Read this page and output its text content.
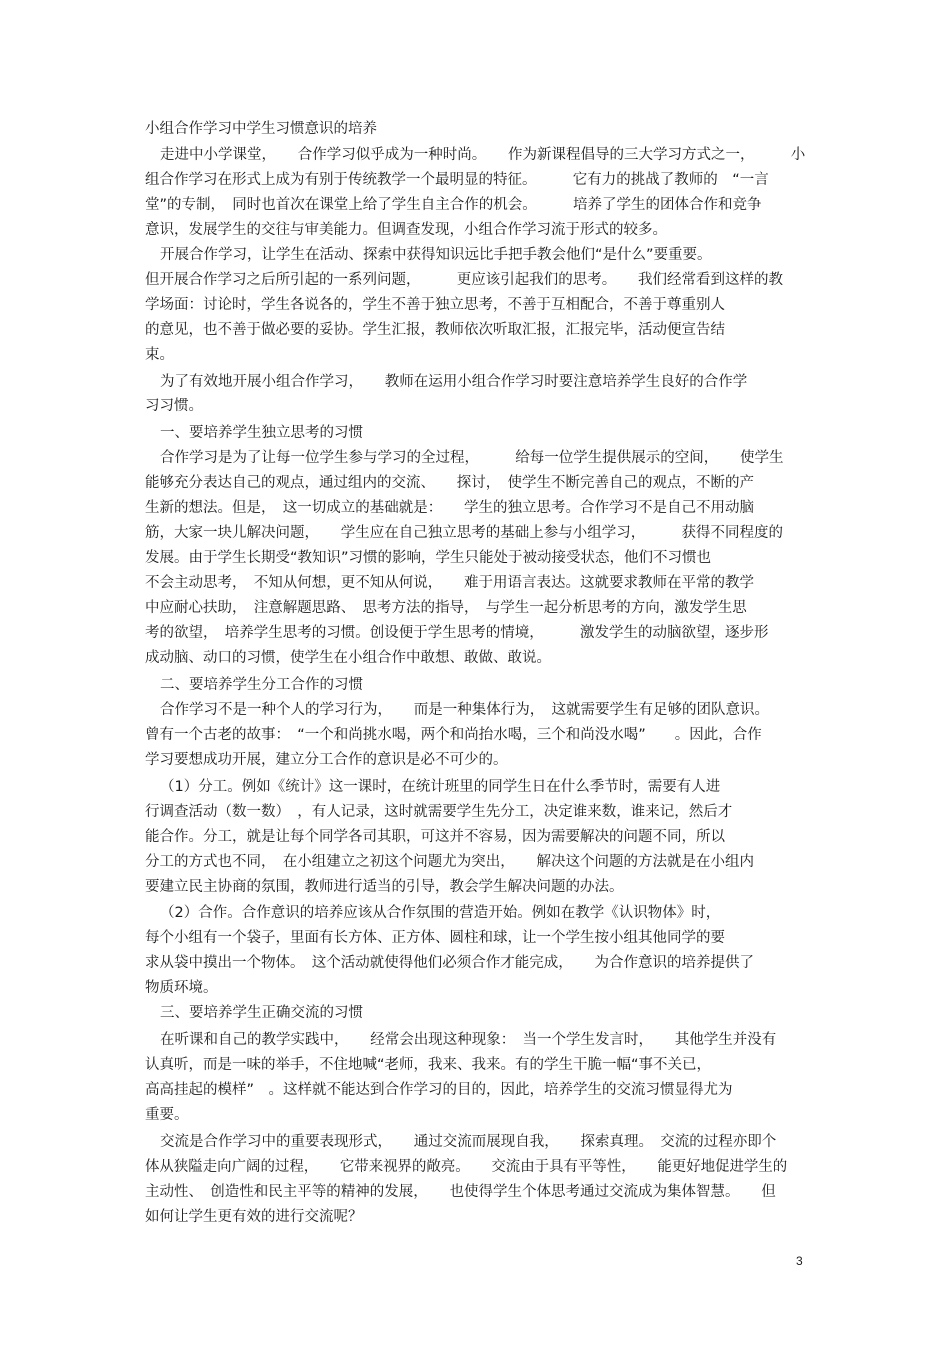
小组合作学习中学生习惯意识的培养
走进中小学课堂，　　合作学习似乎成为一种时尚。　　作为新课程倡导的三大学习方式之一，　　　小
组合作学习在形式上成为有别于传统教学一个最明显的特征。　　　它有力的挑战了教师的　“一言
堂”的专制，　同时也首次在课堂上给了学生自主合作的机会。　　　培养了学生的团体合作和竞争
意识，发展学生的交往与审美能力。但调查发现，小组合作学习流于形式的较多。
开展合作学习，让学生在活动、探索中获得知识远比手把手教会他们“是什么”要重要。
但开展合作学习之后所引起的一系列问题，　　　更应该引起我们的思考。　　我们经常看到这样的教
学场面：讨论时，学生各说各的，学生不善于独立思考，不善于互相配合，不善于尊重别人
的意见，也不善于做必要的妥协。学生汇报，教师依次听取汇报，汇报完毕，活动便宣告结
束。
为了有效地开展小组合作学习，　　教师在运用小组合作学习时要注意培养学生良好的合作学
习习惯。
一、要培养学生独立思考的习惯
合作学习是为了让每一位学生参与学习的全过程，　　　给每一位学生提供展示的空间，　　使学生
能够充分表达自己的观点，通过组内的交流、　　探讨，　使学生不断完善自己的观点，不断的产
生新的想法。但是，　这一切成立的基础就是：　　学生的独立思考。合作学习不是自己不用动脑
筋，大家一块儿解决问题，　　学生应在自己独立思考的基础上参与小组学习，　　　获得不同程度的
发展。由于学生长期受“教知识”习惯的影响，学生只能处于被动接受状态，他们不习惯也
不会主动思考，　不知从何想，更不知从何说，　　难于用语言表达。这就要求教师在平常的教学
中应耐心扶助，　注意解题思路、　思考方法的指导，　与学生一起分析思考的方向，激发学生思
考的欲望，　培养学生思考的习惯。创设便于学生思考的情境，　　　激发学生的动脑欲望，逐步形
成动脑、动口的习惯，使学生在小组合作中敢想、敢做、敢说。
二、要培养学生分工合作的习惯
合作学习不是一种个人的学习行为，　　而是一种集体行为，　这就需要学生有足够的团队意识。
曾有一个古老的故事：　“一个和尚挑水喝，两个和尚抬水喝，三个和尚没水喝”　　。因此，合作
学习要想成功开展，建立分工合作的意识是必不可少的。
（1）分工。例如《统计》这一课时，在统计班里的同学生日在什么季节时，需要有人进
行调查活动（数一数）　，有人记录，这时就需要学生先分工，决定谁来数，谁来记，然后才
能合作。分工，就是让每个同学各司其职，可这并不容易，因为需要解决的问题不同，所以
分工的方式也不同，　在小组建立之初这个问题尤为突出，　　解决这个问题的方法就是在小组内
要建立民主协商的氛围，教师进行适当的引导，教会学生解决问题的办法。
（2）合作。合作意识的培养应该从合作氛围的营造开始。例如在教学《认识物体》时，
每个小组有一个袋子，里面有长方体、正方体、圆柱和球，让一个学生按小组其他同学的要
求从袋中摸出一个物体。　这个活动就使得他们必须合作才能完成，　　为合作意识的培养提供了
物质环境。
三、要培养学生正确交流的习惯
在听课和自己的教学实践中，　　经常会出现这种现象：　当一个学生发言时，　　其他学生并没有
认真听，而是一味的举手，不住地喊“老师，我来、我来。有的学生干脆一幅“事不关已，
高高挂起的模样”　。这样就不能达到合作学习的目的，因此，培养学生的交流习惯显得尤为
重要。
交流是合作学习中的重要表现形式，　　通过交流而展现自我，　　探索真理。　交流的过程亦即个
体从狭隘走向广阔的过程，　　它带来视界的敞亮。　　交流由于具有平等性，　　能更好地促进学生的
主动性、　创造性和民主平等的精神的发展，　　也使得学生个体思考通过交流成为集体智慧。　　但
如何让学生更有效的进行交流呢？
3
